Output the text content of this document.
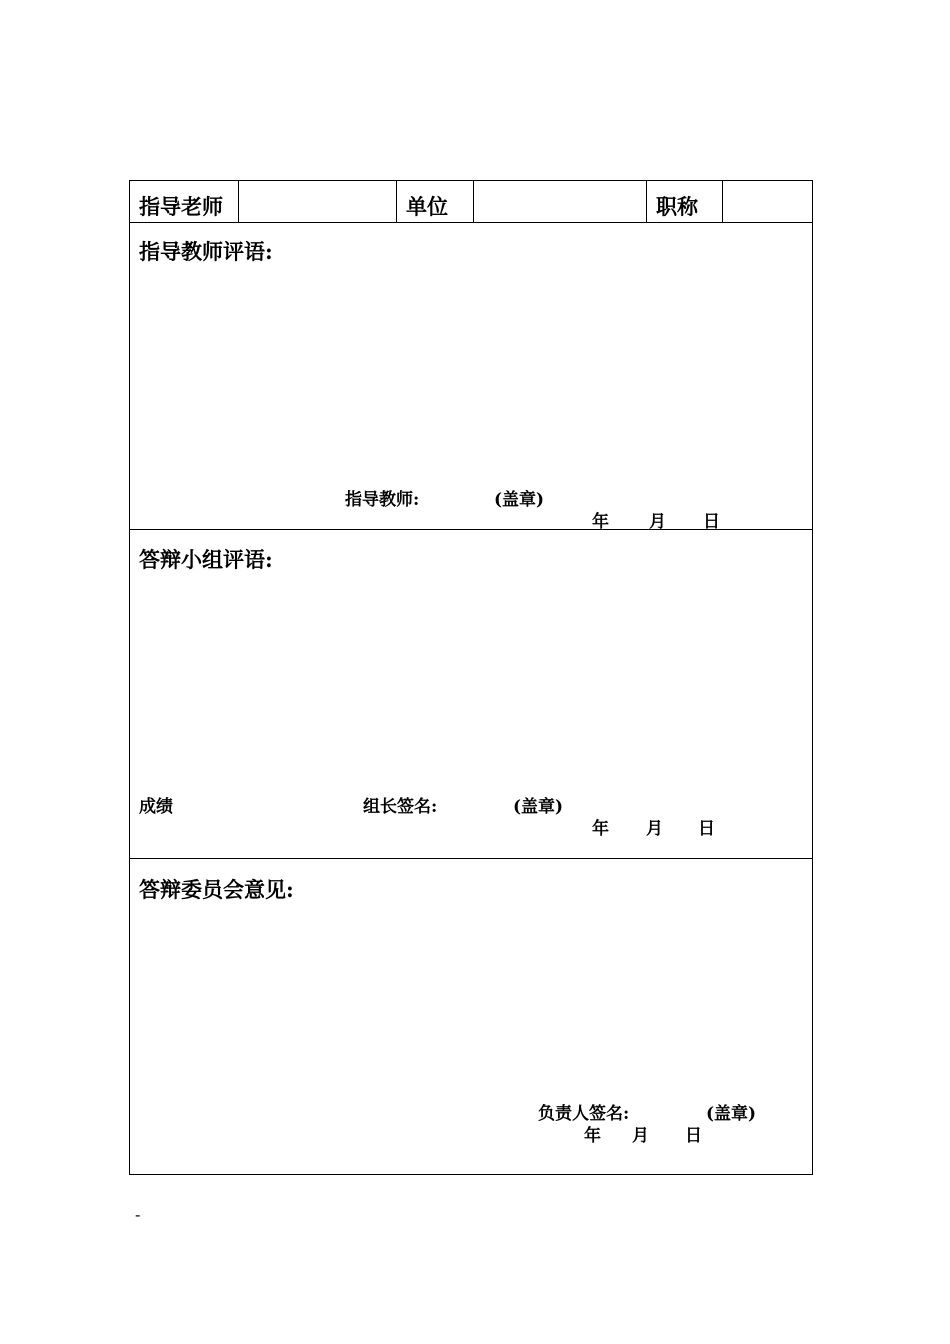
指导老师	单位	职称
指导教师评语:
指导教师:	(盖章)
年 月 日
答辩小组评语:
成绩	组长签名:	(盖章)
年 月 日
答辩委员会意见:
负责人签名:	(盖章)
年 月 日
-
